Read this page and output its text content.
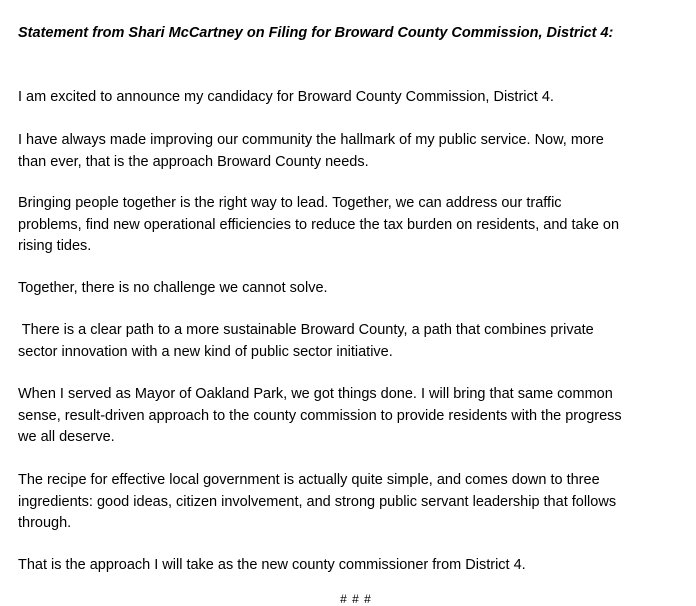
Statement from Shari McCartney on Filing for Broward County Commission, District 4:

I am excited to announce my candidacy for Broward County Commission, District 4.

I have always made improving our community the hallmark of my public service. Now, more
than ever, that is the approach Broward County needs.

Bringing people together is the right way to lead. Together, we can address our traffic
problems, find new operational efficiencies to reduce the tax burden on residents, and take on
rising tides.

Together, there is no challenge we cannot solve.

There is a clear path to a more sustainable Broward County, a path that combines private
sector innovation with a new kind of public sector initiative.

When I served as Mayor of Oakland Park, we got things done. I will bring that same common
sense, result-driven approach to the county commission to provide residents with the progress
we all deserve.

The recipe for effective local government is actually quite simple, and comes down to three
ingredients: good ideas, citizen involvement, and strong public servant leadership that follows
through.

That is the approach I will take as the new county commissioner from District 4.

# # #
